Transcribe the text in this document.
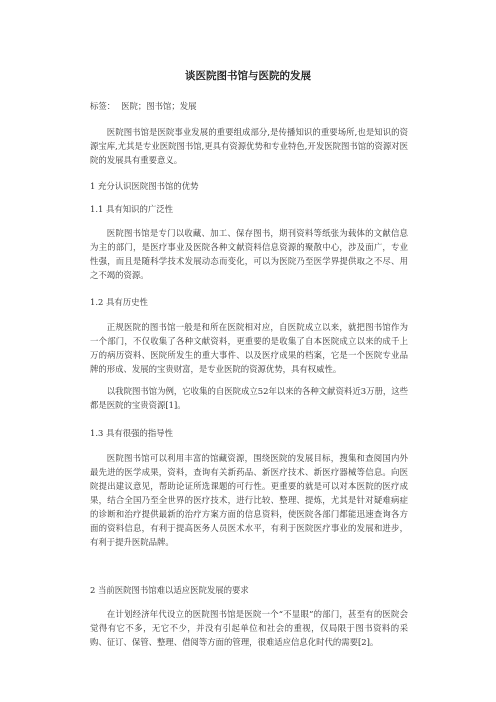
谈医院图书馆与医院的发展
标签： 医院；图书馆；发展
医院图书馆是医院事业发展的重要组成部分,是传播知识的重要场所,也是知识的资源宝库,尤其是专业医院图书馆,更具有资源优势和专业特色,开发医院图书馆的资源对医院的发展具有重要意义。
1 充分认识医院图书馆的优势
1.1 具有知识的广泛性
医院图书馆是专门以收藏、加工、保存图书，期刊资料等纸张为载体的文献信息为主的部门，是医疗事业及医院各种文献资料信息资源的聚散中心，涉及面广，专业性强，而且是随科学技术发展动态而变化，可以为医院乃至医学界提供取之不尽、用之不竭的资源。
1.2 具有历史性
正规医院的图书馆一般是和所在医院相对应，自医院成立以来，就把图书馆作为一个部门，不仅收集了各种文献资料，更重要的是收集了自本医院成立以来的成千上万的病历资料、医院所发生的重大事件、以及医疗成果的档案，它是一个医院专业品牌的形成、发展的宝贵财富，是专业医院的资源优势，具有权威性。
以我院图书馆为例，它收集的自医院成立52年以来的各种文献资料近3万册，这些都是医院的宝贵资源[1]。
1.3 具有很强的指导性
医院图书馆可以利用丰富的馆藏资源，围绕医院的发展目标，搜集和查阅国内外最先进的医学成果，资料，查询有关新药品、新医疗技术、新医疗器械等信息。向医院提出建议意见，帮助论证所选课题的可行性。更重要的就是可以对本医院的医疗成果，结合全国乃至全世界的医疗技术，进行比较、整理、提炼，尤其是针对疑难病症的诊断和治疗提供最新的治疗方案方面的信息资料，使医院各部门都能迅速查询各方面的资料信息，有利于提高医务人员医术水平，有利于医院医疗事业的发展和进步，有利于提升医院品牌。
2 当前医院图书馆难以适应医院发展的要求
在计划经济年代设立的医院图书馆是医院一个“不显眼”的部门，甚至有的医院会觉得有它不多，无它不少，并没有引起单位和社会的重视，仅局限于图书资料的采购、征订、保管、整理、借阅等方面的管理，很难适应信息化时代的需要[2]。
